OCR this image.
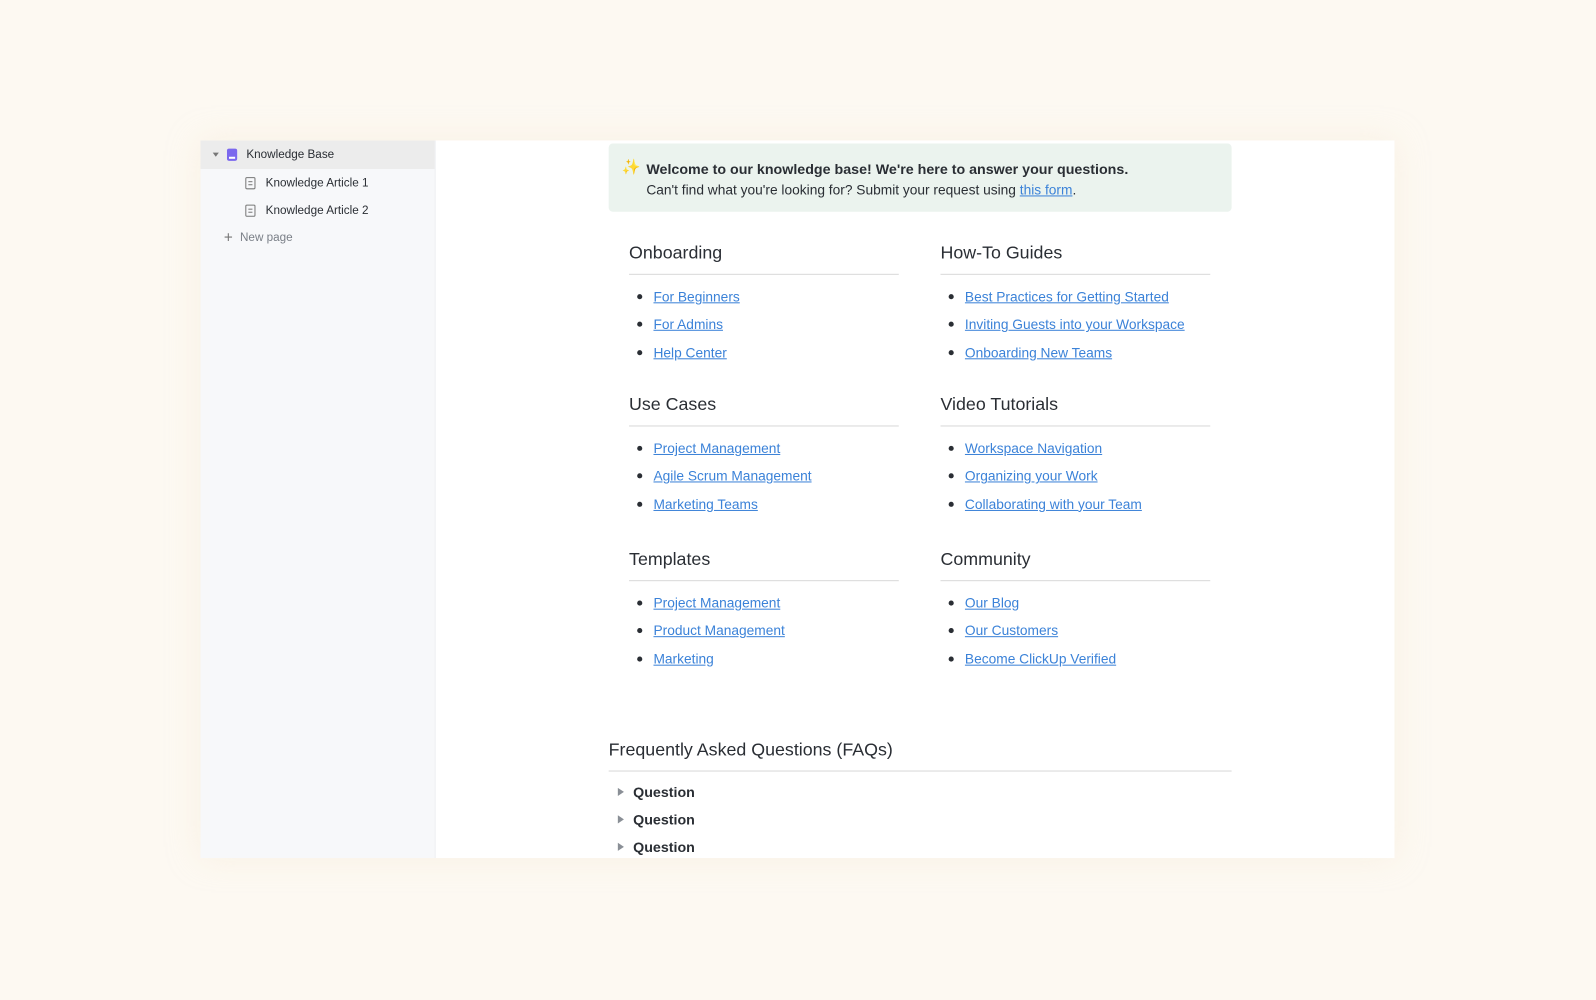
Knowledge Base
Knowledge Article 1
Knowledge Article 2
+ New page
✨ Welcome to our knowledge base! We're here to answer your questions.
Can't find what you're looking for? Submit your request using this form.
Onboarding
For Beginners
For Admins
Help Center
How-To Guides
Best Practices for Getting Started
Inviting Guests into your Workspace
Onboarding New Teams
Use Cases
Project Management
Agile Scrum Management
Marketing Teams
Video Tutorials
Workspace Navigation
Organizing your Work
Collaborating with your Team
Templates
Project Management
Product Management
Marketing
Community
Our Blog
Our Customers
Become ClickUp Verified
Frequently Asked Questions (FAQs)
Question
Question
Question
